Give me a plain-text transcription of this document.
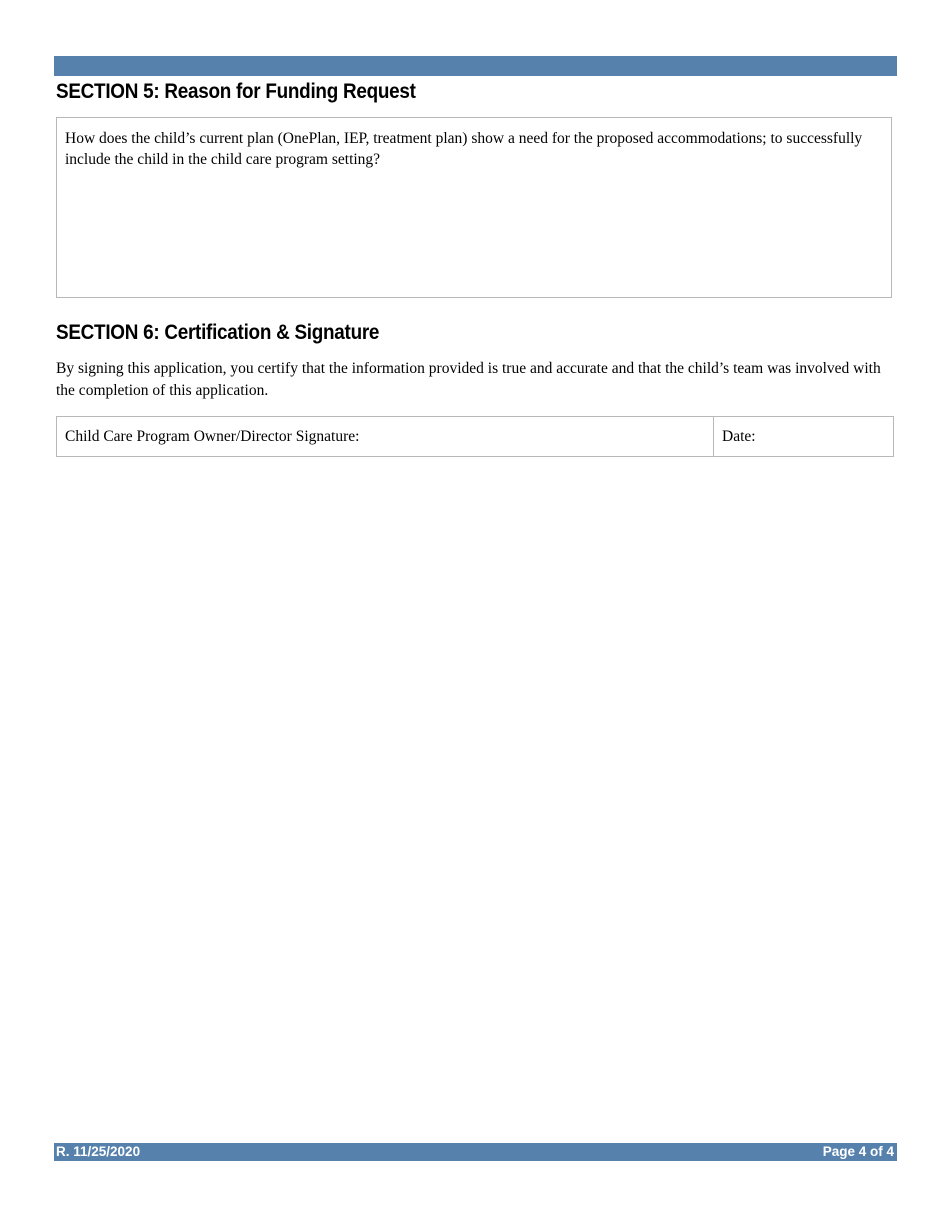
SECTION 5: Reason for Funding Request
How does the child’s current plan (OnePlan, IEP, treatment plan) show a need for the proposed accommodations; to successfully include the child in the child care program setting?
SECTION 6: Certification & Signature

By signing this application, you certify that the information provided is true and accurate and that the child’s team was involved with the completion of this application.

Child Care Program Owner/Director Signature:	Date:
R. 11/25/2020	Page 4 of 4
